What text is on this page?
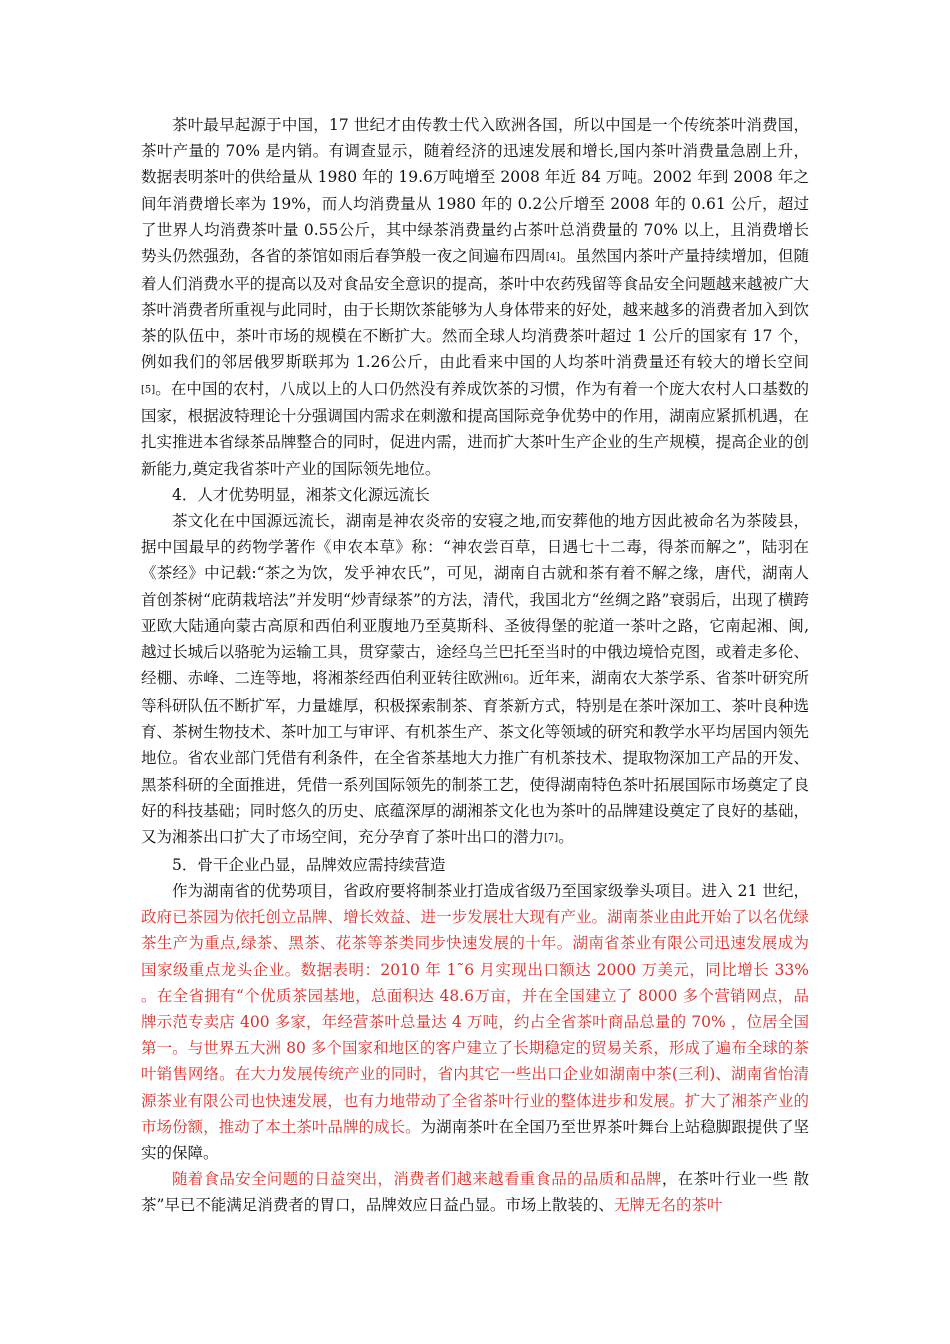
茶叶最早起源于中国，17 世纪才由传教士代入欧洲各国，所以中国是一个传统茶叶消费国，茶叶产量的 70% 是内销。有调查显示，随着经济的迅速发展和增长,国内茶叶消费量急剧上升，数据表明茶叶的供给量从 1980 年的 19.6万吨增至 2008 年近 84 万吨。2002 年到 2008 年之间年消费增长率为 19%，而人均消费量从 1980 年的 0.2公斤增至 2008 年的 0.61 公斤，超过了世界人均消费茶叶量 0.55公斤，其中绿茶消费量约占茶叶总消费量的 70% 以上，且消费增长势头仍然强劲，各省的茶馆如雨后春笋般一夜之间遍布四周[4]。虽然国内茶叶产量持续增加，但随着人们消费水平的提高以及对食品安全意识的提高，茶叶中农药残留等食品安全问题越来越被广大茶叶消费者所重视与此同时，由于长期饮茶能够为人身体带来的好处，越来越多的消费者加入到饮茶的队伍中，茶叶市场的规模在不断扩大。然而全球人均消费茶叶超过 1 公斤的国家有 17 个，例如我们的邻居俄罗斯联邦为 1.26公斤，由此看来中国的人均茶叶消费量还有较大的增长空间[5]。在中国的农村，八成以上的人口仍然没有养成饮茶的习惯，作为有着一个庞大农村人口基数的国家，根据波特理论十分强调国内需求在刺激和提高国际竞争优势中的作用，湖南应紧抓机遇，在扎实推进本省绿茶品牌整合的同时，促进内需，进而扩大茶叶生产企业的生产规模，提高企业的创新能力,奠定我省茶叶产业的国际领先地位。

4．人才优势明显，湘茶文化源远流长

茶文化在中国源远流长，湖南是神农炎帝的安寝之地,而安葬他的地方因此被命名为茶陵县，据中国最早的药物学著作《申农本草》称：“神农尝百草，日遇七十二毒，得茶而解之”，陆羽在《茶经》中记载:“茶之为饮，发乎神农氏”，可见，湖南自古就和茶有着不解之缘，唐代，湖南人首创茶树“庇荫栽培法”并发明“炒青绿茶”的方法，清代，我国北方“丝绸之路”衰弱后，出现了横跨亚欧大陆通向蒙古高原和西伯利亚腹地乃至莫斯科、圣彼得堡的驼道一茶叶之路，它南起湘、闽,越过长城后以骆驼为运输工具，贯穿蒙古，途经乌兰巴托至当时的中俄边境恰克图，或着走多伦、经棚、赤峰、二连等地，将湘茶经西伯利亚转往欧洲[6]。近年来，湖南农大茶学系、省茶叶研究所等科研队伍不断扩军，力量雄厚，积极探索制茶、育茶新方式，特别是在茶叶深加工、茶叶良种选育、茶树生物技术、茶叶加工与审评、有机茶生产、茶文化等领域的研究和教学水平均居国内领先地位。省农业部门凭借有利条件，在全省茶基地大力推广有机茶技术、提取物深加工产品的开发、黑茶科研的全面推进，凭借一系列国际领先的制茶工艺，使得湖南特色茶叶拓展国际市场奠定了良好的科技基础；同时悠久的历史、底蕴深厚的湖湘茶文化也为茶叶的品牌建设奠定了良好的基础，又为湘茶出口扩大了市场空间，充分孕育了茶叶出口的潜力[7]。

5．骨干企业凸显，品牌效应需持续营造

作为湖南省的优势项目，省政府要将制茶业打造成省级乃至国家级拳头项目。进入 21 世纪，政府已茶园为依托创立品牌、增长效益、进一步发展壮大现有产业。湖南茶业由此开始了以名优绿茶生产为重点,绿茶、黑茶、花茶等茶类同步快速发展的十年。湖南省茶业有限公司迅速发展成为国家级重点龙头企业。数据表明：2010 年 1˜6 月实现出口额达 2000 万美元，同比增长 33% 。在全省拥有“个优质茶园基地，总面积达 48.6万亩，并在全国建立了 8000 多个营销网点，品牌示范专卖店 400 多家，年经营茶叶总量达 4 万吨，约占全省茶叶商品总量的 70% ，位居全国第一。与世界五大洲 80 多个国家和地区的客户建立了长期稳定的贸易关系，形成了遍布全球的茶叶销售网络。在大力发展传统产业的同时，省内其它一些出口企业如湖南中茶(三利)、湖南省怡清源茶业有限公司也快速发展，也有力地带动了全省茶叶行业的整体进步和发展。扩大了湘茶产业的市场份额，推动了本土茶叶品牌的成长。为湖南茶叶在全国乃至世界茶叶舞台上站稳脚跟提供了坚实的保障。

随着食品安全问题的日益突出，消费者们越来越看重食品的品质和品牌，在茶叶行业一些 散茶”早已不能满足消费者的胃口，品牌效应日益凸显。市场上散装的、无牌无名的茶叶
